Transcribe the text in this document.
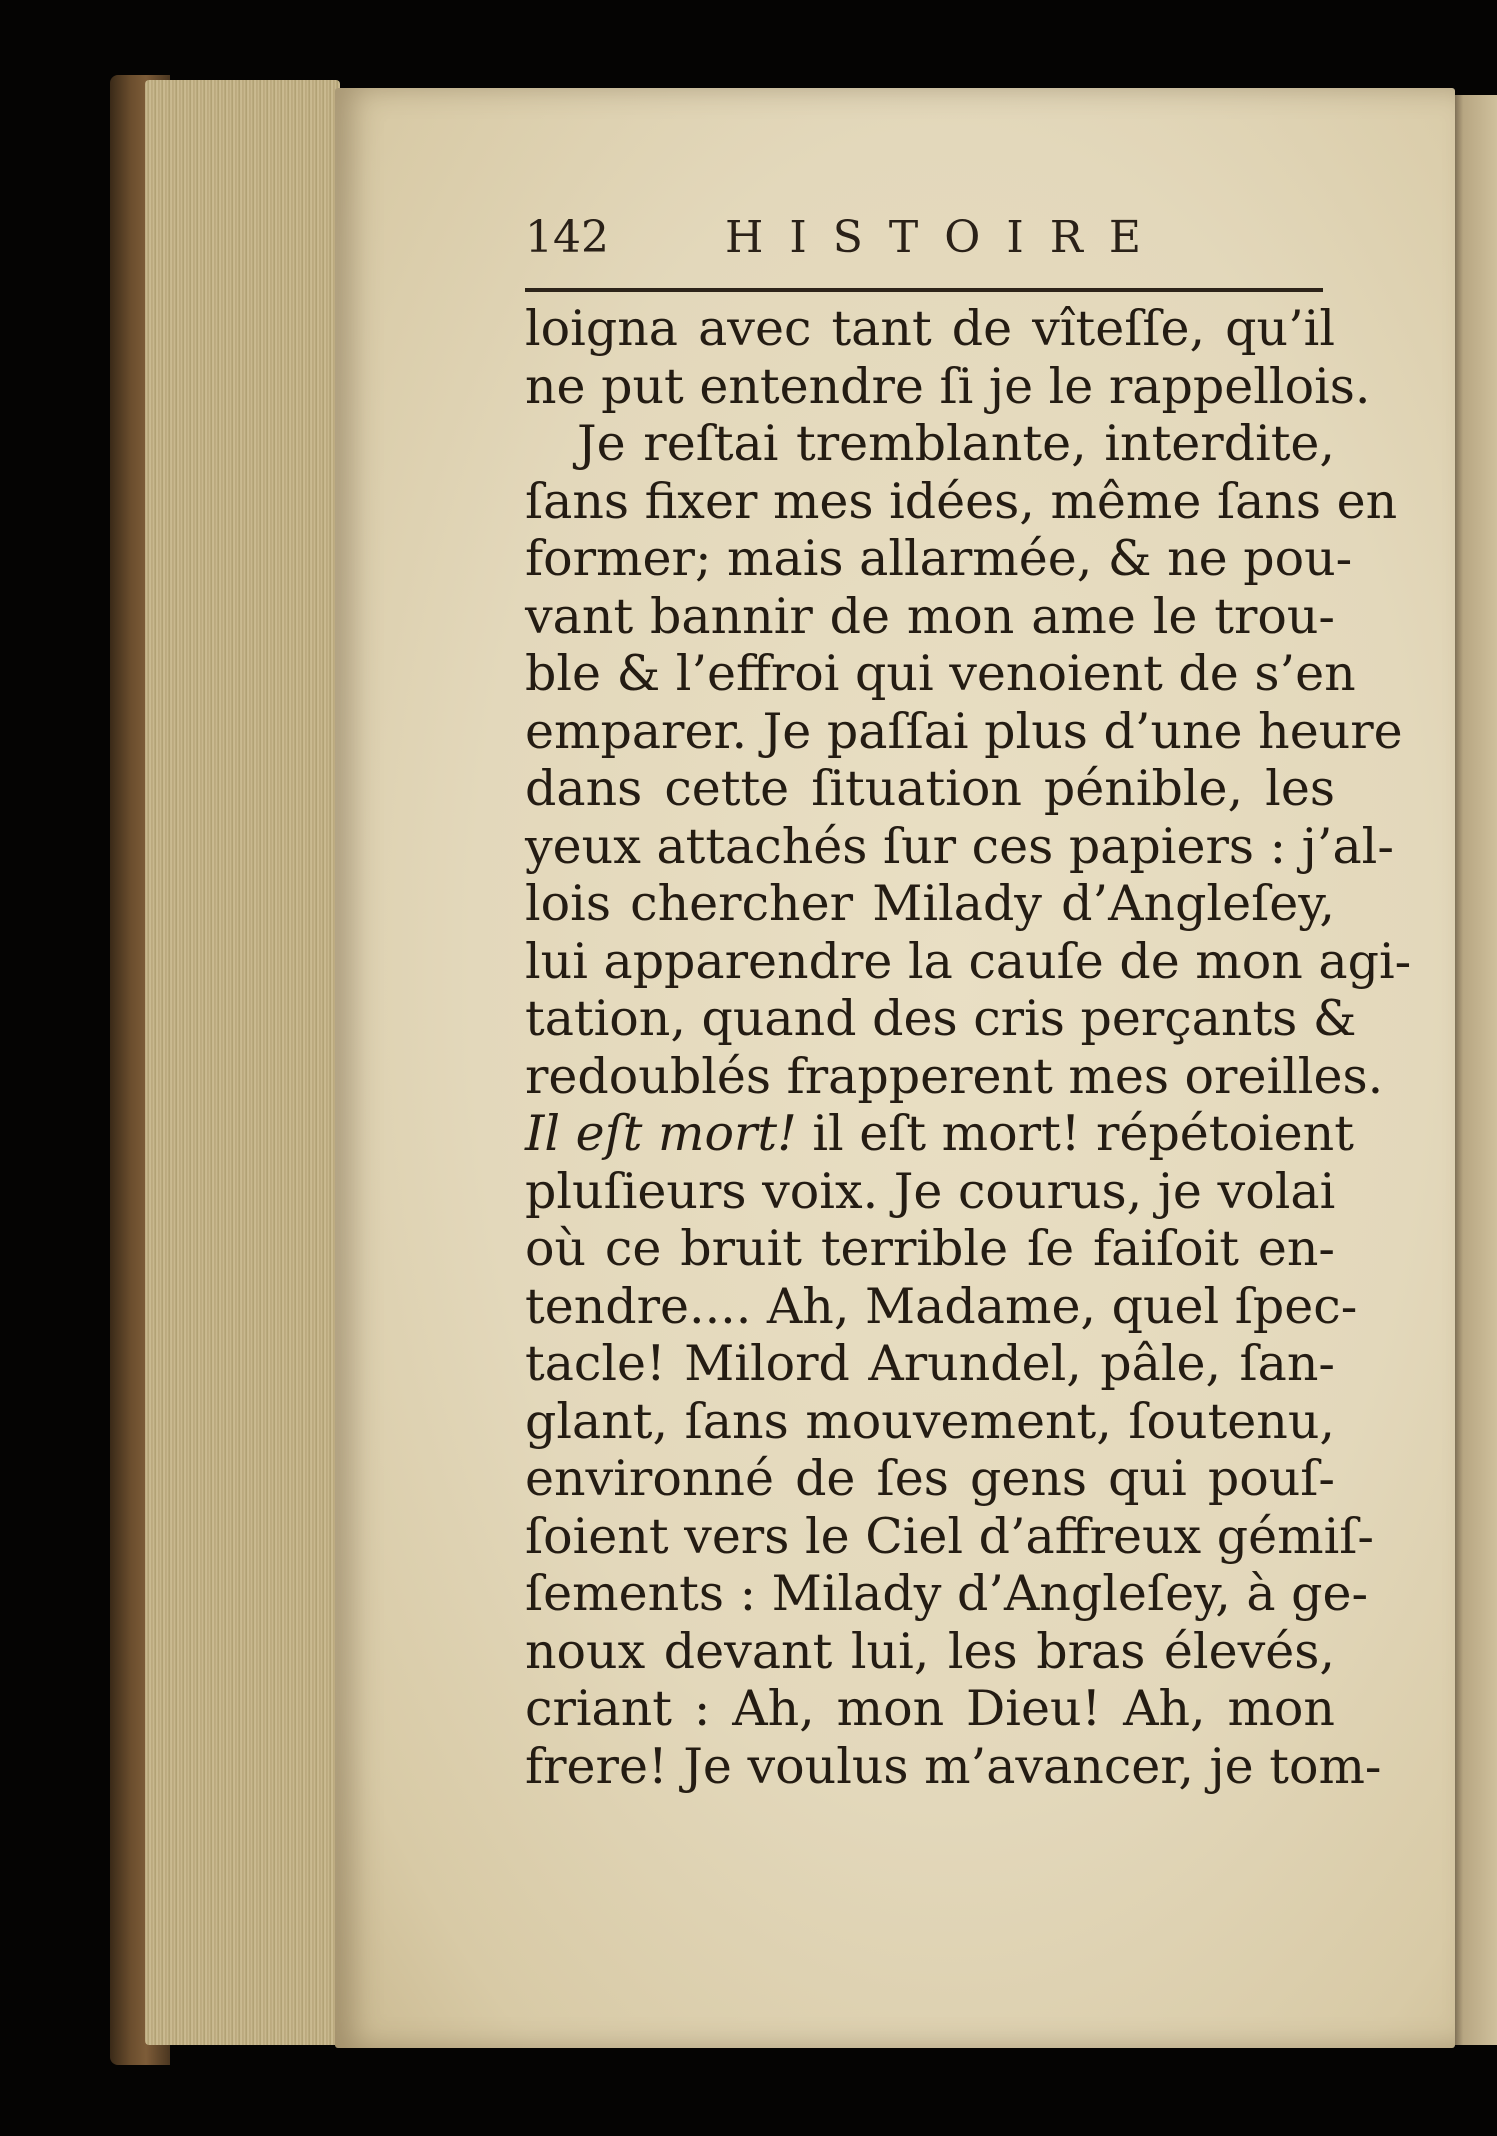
142	HISTOIRE
loigna avec tant de vîteſſe, qu’il
ne put entendre ſi je le rappellois.
Je reſtai tremblante, interdite,
ſans fixer mes idées, même ſans en
former; mais allarmée, & ne pou-
vant bannir de mon ame le trou-
ble & l’effroi qui venoient de s’en
emparer. Je paſſai plus d’une heure
dans cette ſituation pénible, les
yeux attachés ſur ces papiers : j’al-
lois chercher Milady d’Angleſey,
lui apparendre la cauſe de mon agi-
tation, quand des cris perçants &
redoublés frapperent mes oreilles.
Il eſt mort! il eſt mort! répétoient
pluſieurs voix. Je courus, je volai
où ce bruit terrible ſe faiſoit en-
tendre.... Ah, Madame, quel ſpec-
tacle! Milord Arundel, pâle, ſan-
glant, ſans mouvement, ſoutenu,
environné de ſes gens qui pouſ-
ſoient vers le Ciel d’affreux gémiſ-
ſements : Milady d’Angleſey, à ge-
noux devant lui, les bras élevés,
criant : Ah, mon Dieu! Ah, mon
frere! Je voulus m’avancer, je tom-
